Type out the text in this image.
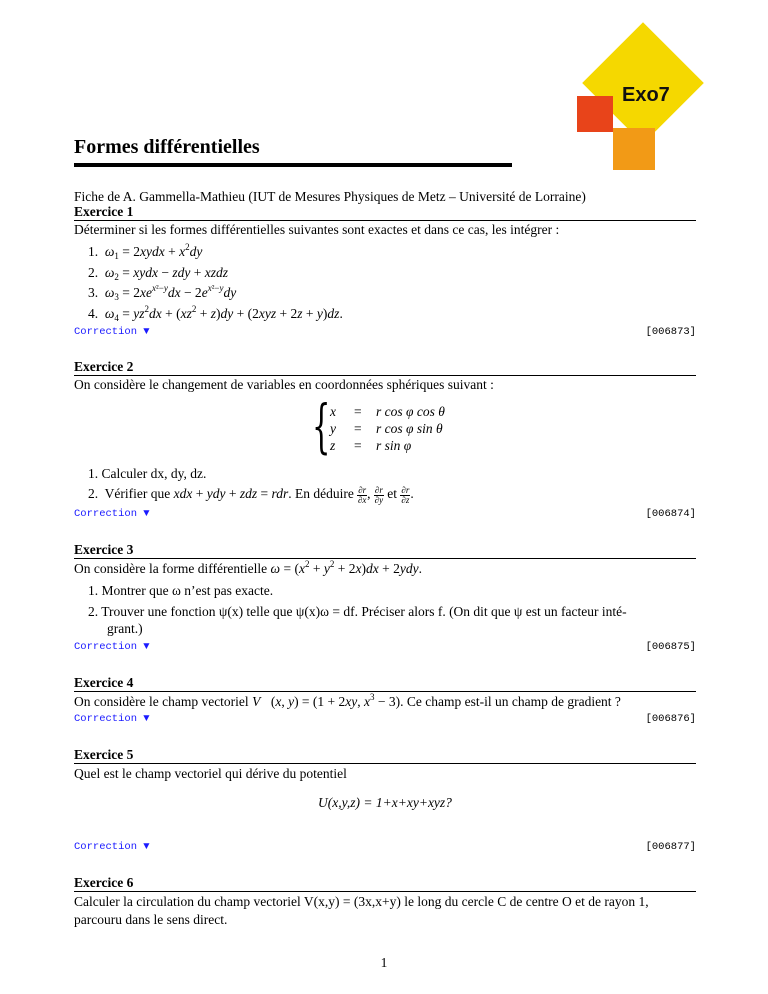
Exo7
Formes différentielles
Fiche de A. Gammella-Mathieu (IUT de Mesures Physiques de Metz – Université de Lorraine)
Exercice 1
Déterminer si les formes différentielles suivantes sont exactes et dans ce cas, les intégrer :
1. $\omega_1$ = 2xydx + $x^2dy$
2. $\omega_2$ = xydx − zdy + xzdz
3. $\omega_3 = 2xe^{x^2-y}dx - 2e^{x^2-y}dy$
4. $\omega_4 = yz^2dx + (xz^2 + z)dy + (2xyz + 2z + y)dz$.
Correction ▼	[006873]
Exercice 2
On considère le changement de variables en coordonnées sphériques suivant :
{ x = r cos φ cos θ
y = r cos φ sin θ
z = r sin φ
1. Calculer dx, dy, dz.
2.  Vérifier que xdx + ydy + zdz = rdr. En déduire $\frac{\partial r}{\partial x}$ , $\frac{\partial r}{\partial y}$ et $\frac{\partial r}{\partial z}$ .
Correction ▼	[006874]
Exercice 3
On considère la forme différentielle $\omega = (x^2 + y^2 + 2x)dx + 2ydy$.
1. Montrer que ω n’est pas exacte.
2. Trouver une fonction ψ(x) telle que ψ(x)ω = df. Préciser alors f. (On dit que ψ est un facteur inté-
grant.)
Correction ▼	[006875]
Exercice 4
On considère le champ vectoriel V⃗(x, y) = (1 + 2xy, $x^3 - 3$). Ce champ est-il un champ de gradient ?
Correction ▼	[006876]
Exercice 5
Quel est le champ vectoriel qui dérive du potentiel
U(x,y,z) = 1+x+xy+xyz?
Correction ▼	[006877]
Exercice 6
Calculer la circulation du champ vectoriel V(x,y) = (3x,x+y) le long du cercle C de centre O et de rayon 1,
parcouru dans le sens direct.
1
